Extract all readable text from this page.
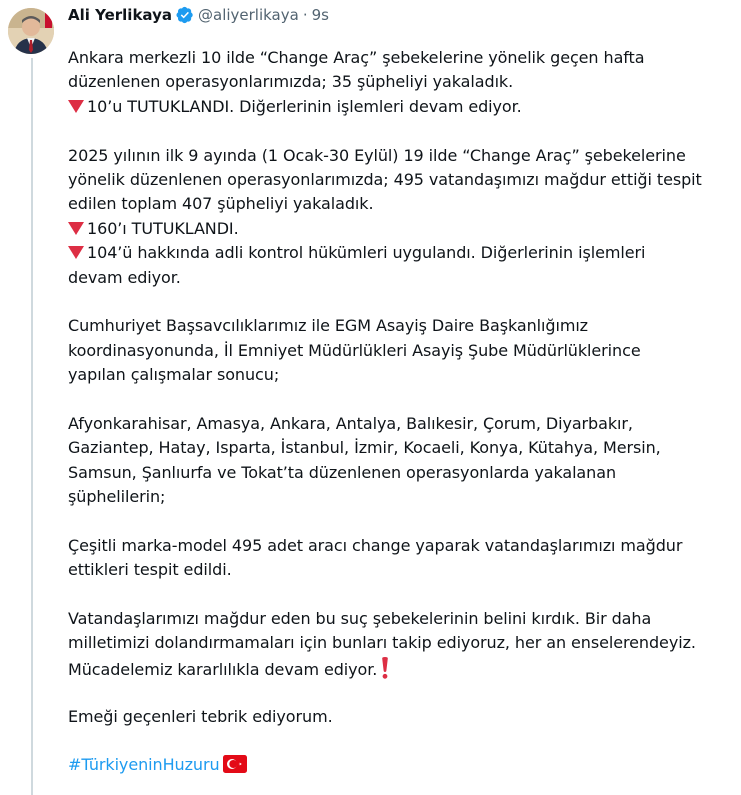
Ali Yerlikaya @aliyerlikaya · 9s
Ankara merkezli 10 ilde “Change Araç” şebekelerine yönelik geçen hafta
düzenlenen operasyonlarımızda; 35 şüpheliyi yakaladık.
10’u TUTUKLANDI. Diğerlerinin işlemleri devam ediyor.
2025 yılının ilk 9 ayında (1 Ocak-30 Eylül) 19 ilde “Change Araç” şebekelerine
yönelik düzenlenen operasyonlarımızda; 495 vatandaşımızı mağdur ettiği tespit
edilen toplam 407 şüpheliyi yakaladık.
160’ı TUTUKLANDI.
104’ü hakkında adli kontrol hükümleri uygulandı. Diğerlerinin işlemleri
devam ediyor.
Cumhuriyet Başsavcılıklarımız ile EGM Asayiş Daire Başkanlığımız
koordinasyonunda, İl Emniyet Müdürlükleri Asayiş Şube Müdürlüklerince
yapılan çalışmalar sonucu;
Afyonkarahisar, Amasya, Ankara, Antalya, Balıkesir, Çorum, Diyarbakır,
Gaziantep, Hatay, Isparta, İstanbul, İzmir, Kocaeli, Konya, Kütahya, Mersin,
Samsun, Şanlıurfa ve Tokat’ta düzenlenen operasyonlarda yakalanan
şüphelilerin;
Çeşitli marka-model 495 adet aracı change yaparak vatandaşlarımızı mağdur
ettikleri tespit edildi.
Vatandaşlarımızı mağdur eden bu suç şebekelerinin belini kırdık. Bir daha
milletimizi dolandırmamaları için bunları takip ediyoruz, her an enselerendeyiz.
Mücadelemiz kararlılıkla devam ediyor.
Emeği geçenleri tebrik ediyorum.
#TürkiyeninHuzuru
